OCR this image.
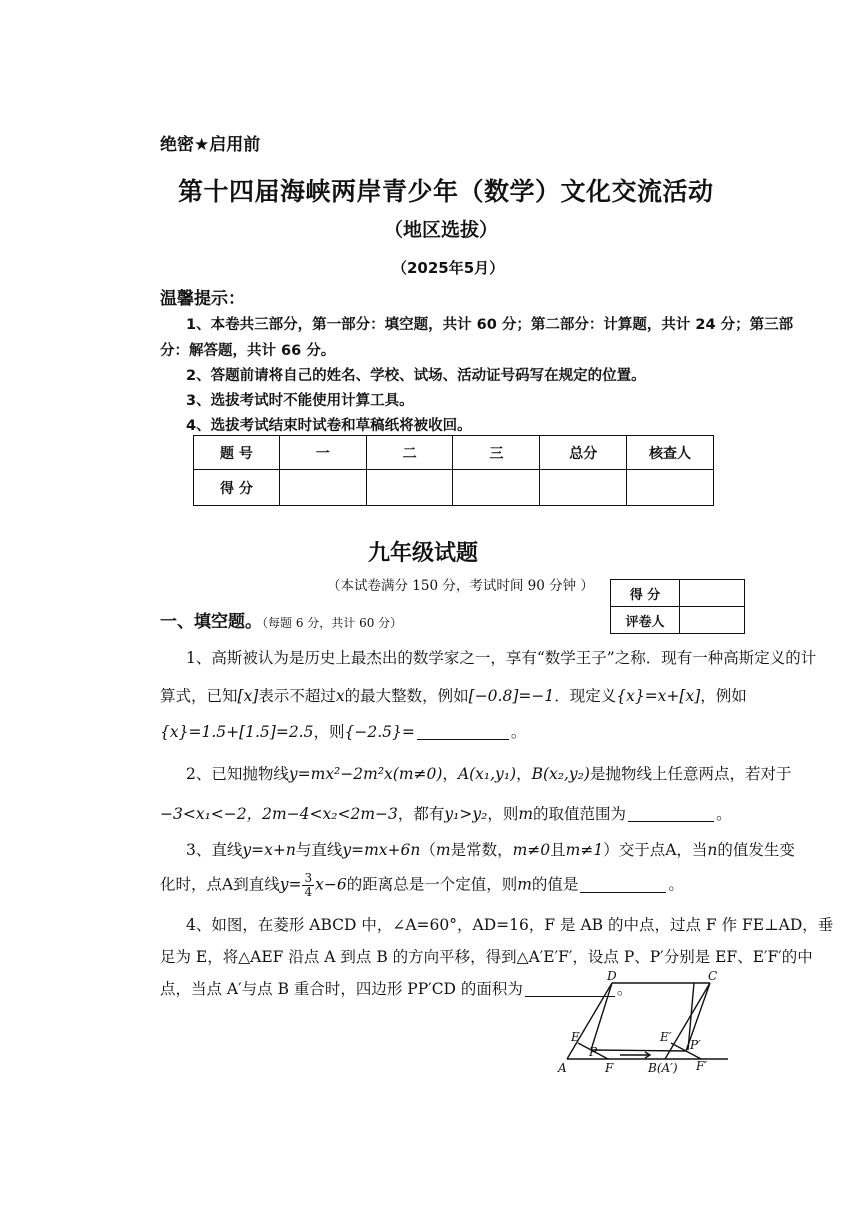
绝密★启用前
第十四届海峡两岸青少年（数学）文化交流活动
（地区选拔）
（2025年5月）
温馨提示：
1、本卷共三部分，第一部分：填空题，共计 60 分；第二部分：计算题，共计 24 分；第三部
分：解答题，共计 66 分。
2、答题前请将自己的姓名、学校、试场、活动证号码写在规定的位置。
3、选拔考试时不能使用计算工具。
4、选拔考试结束时试卷和草稿纸将被收回。
题 号	一	二	三	总分	核查人
得 分					
九年级试题
（本试卷满分 150 分，考试时间 90 分钟 ）
得 分	
评卷人	
一、填空题。（每题 6 分，共计 60 分）
1、高斯被认为是历史上最杰出的数学家之一，享有“数学王子”之称．现有一种高斯定义的计
算式，已知[x]表示不超过x的最大整数，例如[−0.8]=−1．现定义{x}=x+[x]，例如
{x}=1.5+[1.5]=2.5，则{−2.5}=	。
2、已知抛物线y=mx²−2m²x(m≠0)，A(x₁,y₁)，B(x₂,y₂)是抛物线上任意两点，若对于
−3<x₁<−2，2m−4<x₂<2m−3，都有y₁>y₂，则m的取值范围为	。
3、直线y=x+n与直线y=mx+6n（m是常数，m≠0且m≠1）交于点A，当n的值发生变
化时，点A到直线$y= \frac{3}{4} x-6$的距离总是一个定值，则m的值是	。
4、如图，在菱形 ABCD 中，∠A=60°，AD=16，F 是 AB 的中点，过点 F 作 FE⊥AD，垂
足为 E，将△AEF 沿点 A 到点 B 的方向平移，得到△A′E′F′，设点 P、P′分别是 EF、E′F′的中
点，当点 A′与点 B 重合时，四边形 PP′CD 的面积为	。
D	C
E
P
E′
P′
A	F	B(A′) F′
